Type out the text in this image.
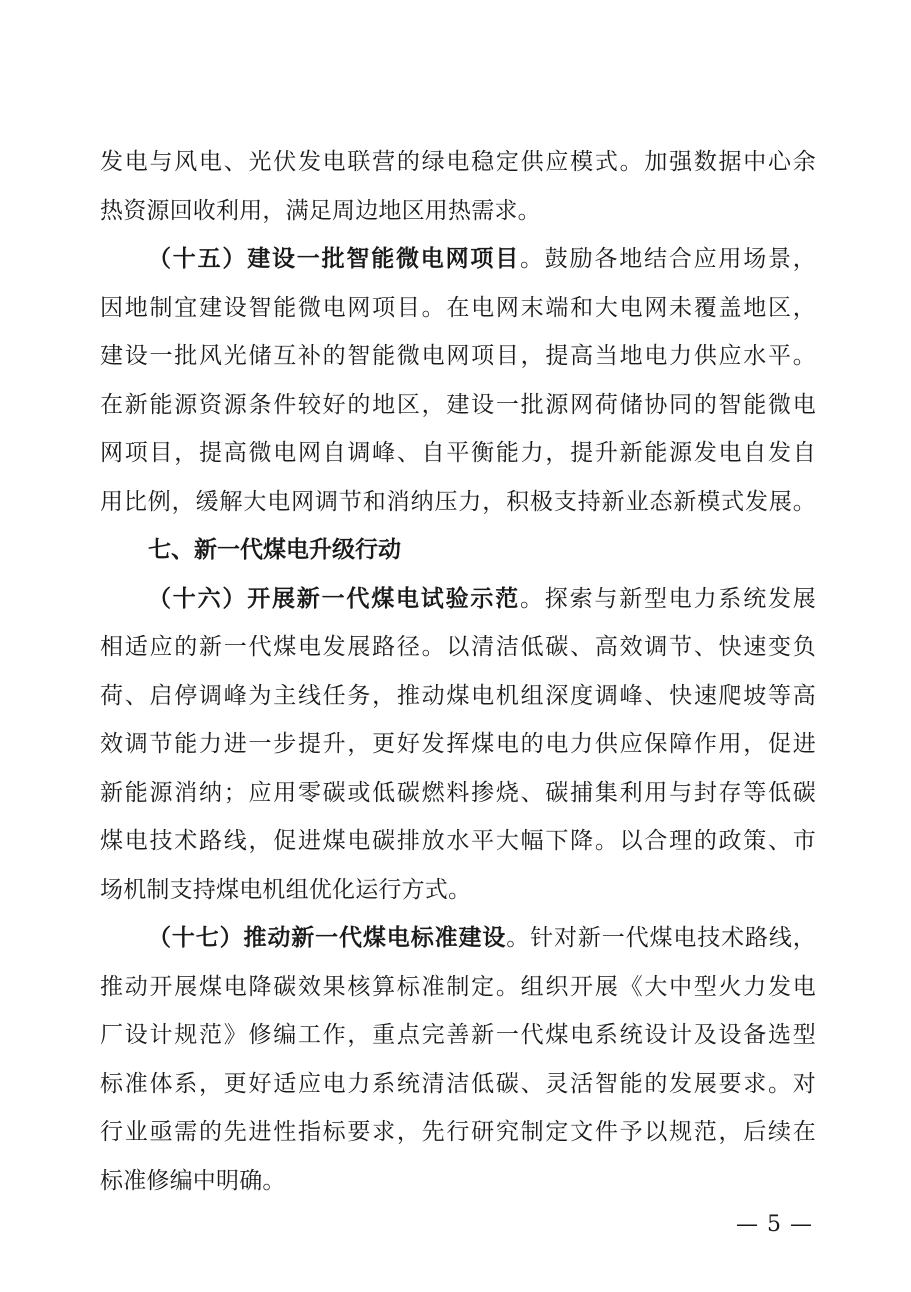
发电与风电、光伏发电联营的绿电稳定供应模式。加强数据中心余
热资源回收利用，满足周边地区用热需求。
（十五）建设一批智能微电网项目。鼓励各地结合应用场景，
因地制宜建设智能微电网项目。在电网末端和大电网未覆盖地区，
建设一批风光储互补的智能微电网项目，提高当地电力供应水平。
在新能源资源条件较好的地区，建设一批源网荷储协同的智能微电
网项目，提高微电网自调峰、自平衡能力，提升新能源发电自发自
用比例，缓解大电网调节和消纳压力，积极支持新业态新模式发展。
七、新一代煤电升级行动
（十六）开展新一代煤电试验示范。探索与新型电力系统发展
相适应的新一代煤电发展路径。以清洁低碳、高效调节、快速变负
荷、启停调峰为主线任务，推动煤电机组深度调峰、快速爬坡等高
效调节能力进一步提升，更好发挥煤电的电力供应保障作用，促进
新能源消纳；应用零碳或低碳燃料掺烧、碳捕集利用与封存等低碳
煤电技术路线，促进煤电碳排放水平大幅下降。以合理的政策、市
场机制支持煤电机组优化运行方式。
（十七）推动新一代煤电标准建设。针对新一代煤电技术路线，
推动开展煤电降碳效果核算标准制定。组织开展《大中型火力发电
厂设计规范》修编工作，重点完善新一代煤电系统设计及设备选型
标准体系，更好适应电力系统清洁低碳、灵活智能的发展要求。对
行业亟需的先进性指标要求，先行研究制定文件予以规范，后续在
标准修编中明确。
— 5 —
